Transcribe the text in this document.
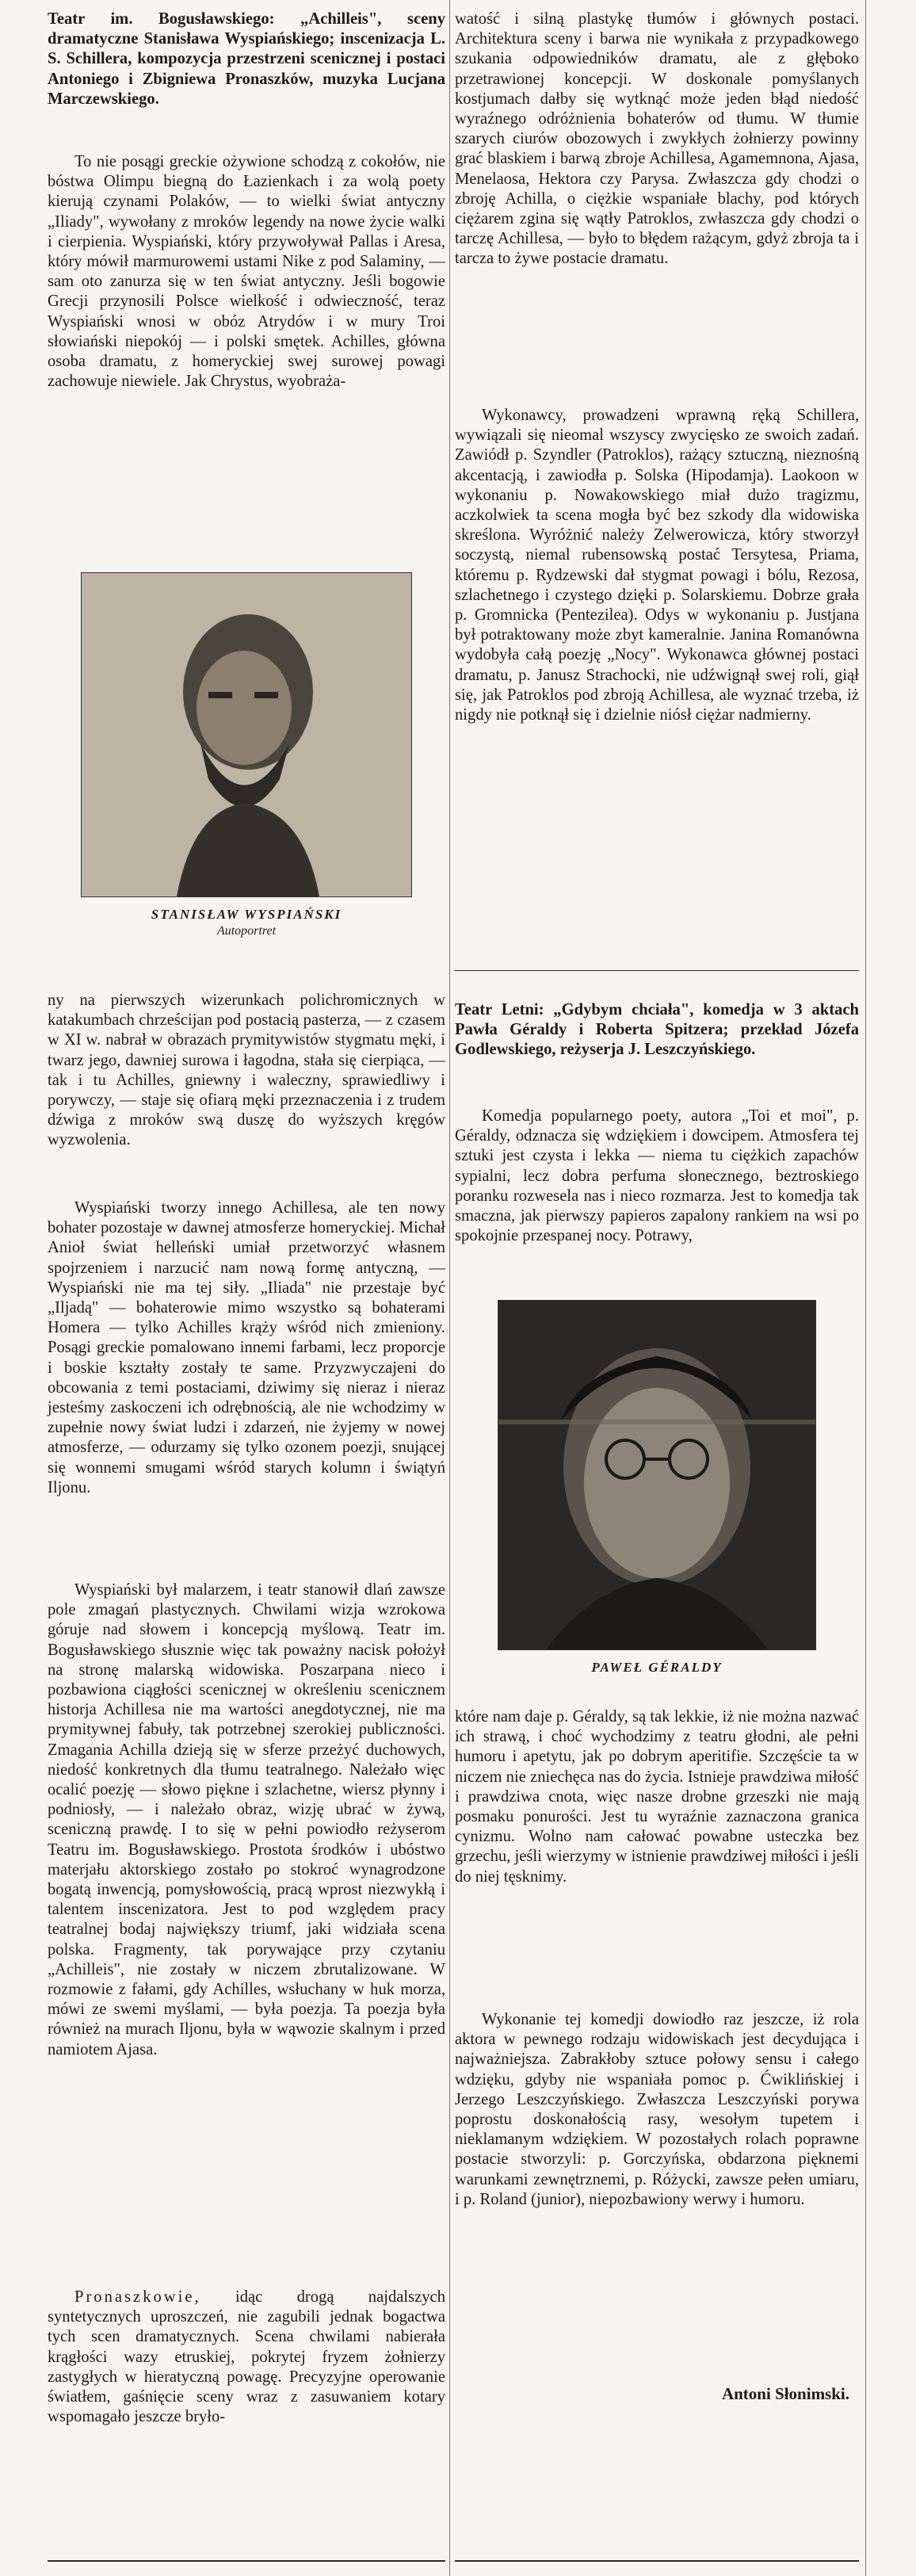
Teatr im. Bogusławskiego: „Achilleis", sceny dramatyczne Stanisława Wyspiańskiego; inscenizacja L. S. Schillera, kompozycja przestrzeni scenicznej i postaci Antoniego i Zbigniewa Pronaszków, muzyka Lucjana Marczewskiego.

To nie posągi greckie ożywione schodzą z cokołów, nie bóstwa Olimpu biegną do Łazienkach i za wolą poety kierują czynami Polaków, — to wielki świat antyczny „Iliady", wywołany z mroków legendy na nowe życie walki i cierpienia. Wyspiański, który przywoływał Pallas i Aresa, który mówił marmurowemi ustami Nike z pod Salaminy, — sam oto zanurza się w ten świat antyczny. Jeśli bogowie Grecji przynosili Polsce wielkość i odwieczność, teraz Wyspiański wnosi w obóz Atrydów i w mury Troi słowiański niepokój — i polski smętek. Achilles, główna osoba dramatu, z homeryckiej swej surowej powagi zachowuje niewiele. Jak Chrystus, wyobraża-

STANISŁAW WYSPIAŃSKI
Autoportret

ny na pierwszych wizerunkach polichromicznych w katakumbach chrześcijan pod postacią pasterza, — z czasem w XI w. nabrał w obrazach prymitywistów stygmatu męki, i twarz jego, dawniej surowa i łagodna, stała się cierpiąca, — tak i tu Achilles, gniewny i waleczny, sprawiedliwy i porywczy, — staje się ofiarą męki przeznaczenia i z trudem dźwiga z mroków swą duszę do wyższych kręgów wyzwolenia.

Wyspiański tworzy innego Achillesa, ale ten nowy bohater pozostaje w dawnej atmosferze homeryckiej. Michał Anioł świat helleński umiał przetworzyć własnem spojrzeniem i narzucić nam nową formę antyczną, — Wyspiański nie ma tej siły. „Iliada" nie przestaje być „Iljadą" — bohaterowie mimo wszystko są bohaterami Homera — tylko Achilles krąży wśród nich zmieniony. Posągi greckie pomalowano innemi farbami, lecz proporcje i boskie kształty zostały te same. Przyzwyczajeni do obcowania z temi postaciami, dziwimy się nieraz i nieraz jesteśmy zaskoczeni ich odrębnością, ale nie wchodzimy w zupełnie nowy świat ludzi i zdarzeń, nie żyjemy w nowej atmosferze, — odurzamy się tylko ozonem poezji, snującej się wonnemi smugami wśród starych kolumn i świątyń Iljonu.

Wyspiański był malarzem, i teatr stanowił dlań zawsze pole zmagań plastycznych. Chwilami wizja wzrokowa góruje nad słowem i koncepcją myślową. Teatr im. Bogusławskiego słusznie więc tak poważny nacisk położył na stronę malarską widowiska. Poszarpana nieco i pozbawiona ciągłości scenicznej w określeniu scenicznem historja Achillesa nie ma wartości anegdotycznej, nie ma prymitywnej fabuły, tak potrzebnej szerokiej publiczności. Zmagania Achilla dzieją się w sferze przeżyć duchowych, niedość konkretnych dla tłumu teatralnego. Należało więc ocalić poezję — słowo piękne i szlachetne, wiersz płynny i podniosły, — i należało obraz, wizję ubrać w żywą, sceniczną prawdę. I to się w pełni powiodło reżyserom Teatru im. Bogusławskiego. Prostota środków i ubóstwo materjału aktorskiego zostało po stokroć wynagrodzone bogatą inwencją, pomysłowością, pracą wprost niezwykłą i talentem inscenizatora. Jest to pod względem pracy teatralnej bodaj największy triumf, jaki widziała scena polska. Fragmenty, tak porywające przy czytaniu „Achilleis", nie zostały w niczem zbrutalizowane. W rozmowie z fałami, gdy Achilles, wsłuchany w huk morza, mówi ze swemi myślami, — była poezja. Ta poezja była również na murach Iljonu, była w wąwozie skalnym i przed namiotem Ajasa.

Pronaszkowie, idąc drogą najdalszych syntetycznych uproszczeń, nie zagubili jednak bogactwa tych scen dramatycznych. Scena chwilami nabierała krągłości wazy etruskiej, pokrytej fryzem żołnierzy zastygłych w hieratyczną powagę. Precyzyjne operowanie światłem, gaśnięcie sceny wraz z zasuwaniem kotary wspomagało jeszcze bryło-

watość i silną plastykę tłumów i głównych postaci. Architektura sceny i barwa nie wynikała z przypadkowego szukania odpowiedników dramatu, ale z głęboko przetrawionej koncepcji. W doskonale pomyślanych kostjumach dałby się wytknąć może jeden błąd niedość wyraźnego odróżnienia bohaterów od tłumu. W tłumie szarych ciurów obozowych i zwykłych żołnierzy powinny grać blaskiem i barwą zbroje Achillesa, Agamemnona, Ajasa, Menelaosa, Hektora czy Parysa. Zwłaszcza gdy chodzi o zbroję Achilla, o ciężkie wspaniałe blachy, pod których ciężarem zgina się wątły Patroklos, zwłaszcza gdy chodzi o tarczę Achillesa, — było to błędem rażącym, gdyż zbroja ta i tarcza to żywe postacie dramatu.

Wykonawcy, prowadzeni wprawną ręką Schillera, wywiązali się nieomal wszyscy zwycięsko ze swoich zadań. Zawiódł p. Szyndler (Patroklos), rażący sztuczną, nieznośną akcentacją, i zawiodła p. Solska (Hipodamja). Laokoon w wykonaniu p. Nowakowskiego miał dużo tragizmu, aczkolwiek ta scena mogła być bez szkody dla widowiska skreślona. Wyróżnić należy Zelwerowicza, który stworzył soczystą, niemal rubensowską postać Tersytesa, Priama, któremu p. Rydzewski dał stygmat powagi i bólu, Rezosa, szlachetnego i czystego dzięki p. Solarskiemu. Dobrze grała p. Gromnicka (Pentezilea). Odys w wykonaniu p. Justjana był potraktowany może zbyt kameralnie. Janina Romanówna wydobyła całą poezję „Nocy". Wykonawca głównej postaci dramatu, p. Janusz Strachocki, nie udźwignął swej roli, giął się, jak Patroklos pod zbroją Achillesa, ale wyznać trzeba, iż nigdy nie potknął się i dzielnie niósł ciężar nadmierny.

Teatr Letni: „Gdybym chciała", komedja w 3 aktach Pawła Géraldy i Roberta Spitzera; przekład Józefa Godlewskiego, reżyserja J. Leszczyńskiego.

Komedja popularnego poety, autora „Toi et moi", p. Géraldy, odznacza się wdziękiem i dowcipem. Atmosfera tej sztuki jest czysta i lekka — niema tu ciężkich zapachów sypialni, lecz dobra perfuma słonecznego, beztroskiego poranku rozwesela nas i nieco rozmarza. Jest to komedja tak smaczna, jak pierwszy papieros zapalony rankiem na wsi po spokojnie przespanej nocy. Potrawy,

PAWEŁ GÉRALDY

które nam daje p. Géraldy, są tak lekkie, iż nie można nazwać ich strawą, i choć wychodzimy z teatru głodni, ale pełni humoru i apetytu, jak po dobrym aperitifie. Szczęście ta w niczem nie zniechęca nas do życia. Istnieje prawdziwa miłość i prawdziwa cnota, więc nasze drobne grzeszki nie mają posmaku ponurości. Jest tu wyraźnie zaznaczona granica cynizmu. Wolno nam całować powabne usteczka bez grzechu, jeśli wierzymy w istnienie prawdziwej miłości i jeśli do niej tęsknimy.

Wykonanie tej komedji dowiodło raz jeszcze, iż rola aktora w pewnego rodzaju widowiskach jest decydująca i najważniejsza. Zabrakłoby sztuce połowy sensu i całego wdzięku, gdyby nie wspaniała pomoc p. Ćwiklińskiej i Jerzego Leszczyńskiego. Zwłaszcza Leszczyński porywa poprostu doskonałością rasy, wesołym tupetem i nieklamanym wdziękiem. W pozostałych rolach poprawne postacie stworzyli: p. Gorczyńska, obdarzona pięknemi warunkami zewnętrznemi, p. Różycki, zawsze pełen umiaru, i p. Roland (junior), niepozbawiony werwy i humoru.

Antoni Słonimski.
